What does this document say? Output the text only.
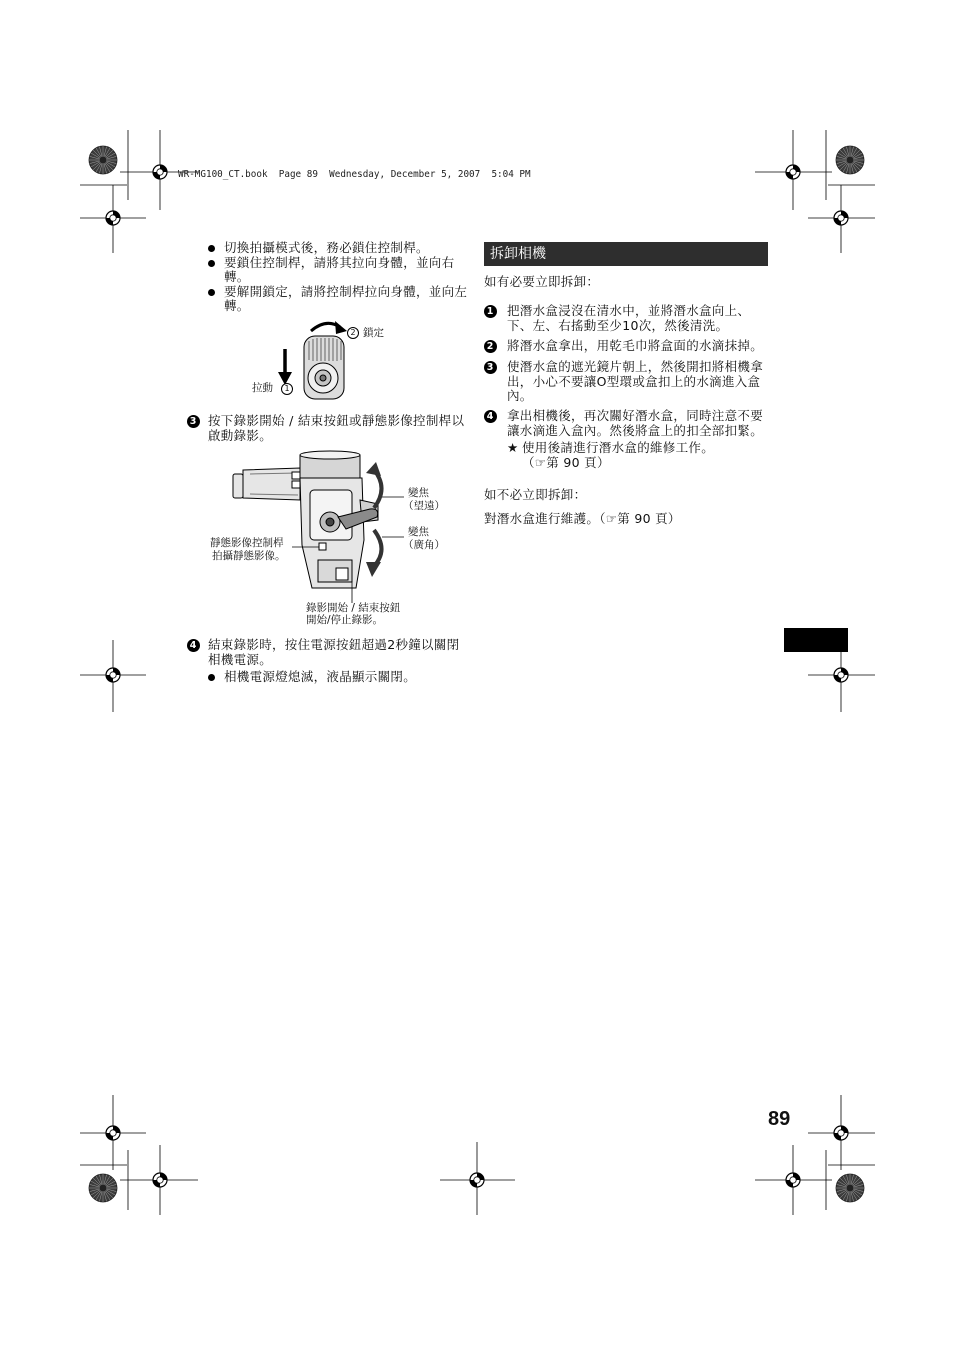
WR-MG100_CT.book  Page 89  Wednesday, December 5, 2007  5:04 PM
切換拍攝模式後，務必鎖住控制桿。
要鎖住控制桿，請將其拉向身體，並向右
轉。
要解開鎖定，請將控制桿拉向身體，並向左
轉。
2 鎖定
拉動	1
3 按下錄影開始 / 結束按鈕或靜態影像控制桿以
啟動錄影。
變焦
（望遠）
變焦
（廣角）
靜態影像控制桿
拍攝靜態影像。
錄影開始 / 結束按鈕
開始/停止錄影。
4 結束錄影時，按住電源按鈕超過2秒鐘以關閉
相機電源。
相機電源燈熄滅，液晶顯示關閉。
拆卸相機
如有必要立即拆卸：
1 把潛水盒浸沒在清水中，並將潛水盒向上、
下、左、右搖動至少10次，然後清洗。
2 將潛水盒拿出，用乾毛巾將盒面的水滴抹掉。
3 使潛水盒的遮光鏡片朝上，然後開扣將相機拿
出，小心不要讓O型環或盒扣上的水滴進入盒
內。
4 拿出相機後，再次關好潛水盒，同時注意不要
讓水滴進入盒內。然後將盒上的扣全部扣緊。
★ 使用後請進行潛水盒的維修工作。
（☞第 90 頁）
如不必立即拆卸：
對潛水盒進行維護。（☞第 90 頁）
89
